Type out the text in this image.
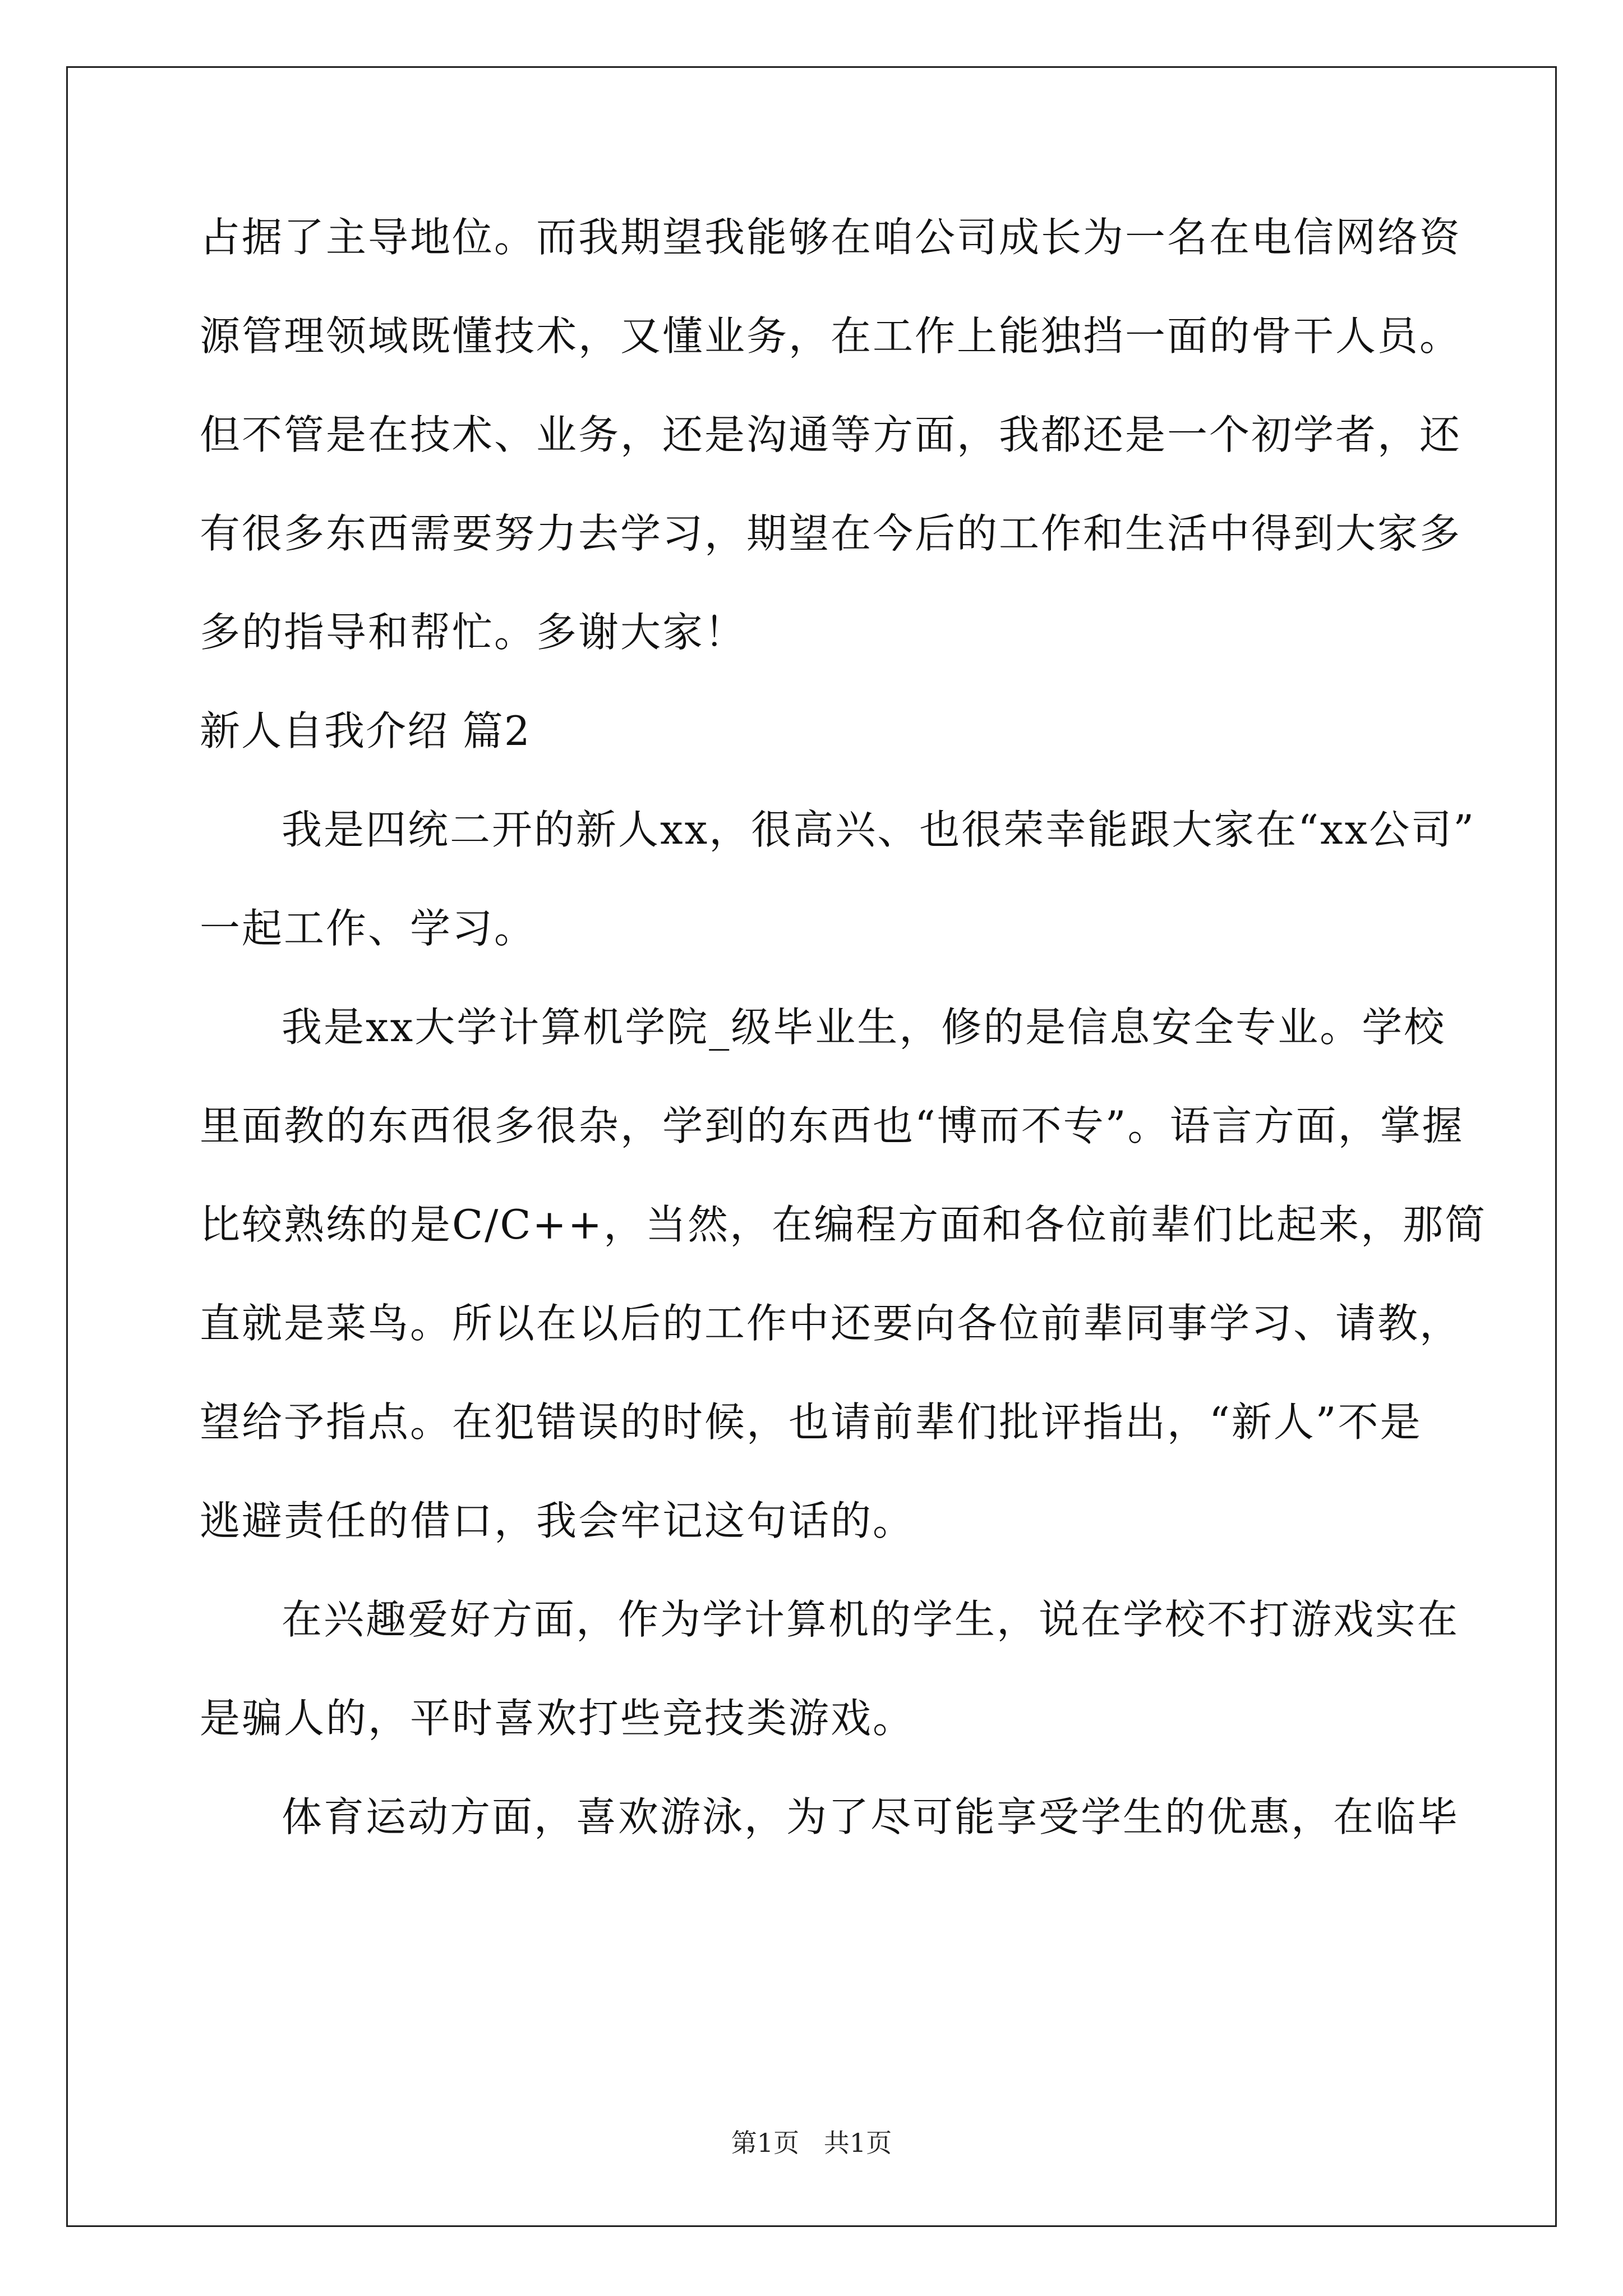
占据了主导地位。而我期望我能够在咱公司成长为一名在电信网络资
源管理领域既懂技术，又懂业务，在工作上能独挡一面的骨干人员。
但不管是在技术、业务，还是沟通等方面，我都还是一个初学者，还
有很多东西需要努力去学习，期望在今后的工作和生活中得到大家多
多的指导和帮忙。多谢大家！
新人自我介绍 篇2
我是四统二开的新人xx，很高兴、也很荣幸能跟大家在“xx公司”
一起工作、学习。
我是xx大学计算机学院_级毕业生，修的是信息安全专业。学校
里面教的东西很多很杂，学到的东西也“博而不专”。语言方面，掌握
比较熟练的是C/C++，当然，在编程方面和各位前辈们比起来，那简
直就是菜鸟。所以在以后的工作中还要向各位前辈同事学习、请教，
望给予指点。在犯错误的时候，也请前辈们批评指出，“新人”不是
逃避责任的借口，我会牢记这句话的。
在兴趣爱好方面，作为学计算机的学生，说在学校不打游戏实在
是骗人的，平时喜欢打些竞技类游戏。
体育运动方面，喜欢游泳，为了尽可能享受学生的优惠，在临毕
第1页   共1页
